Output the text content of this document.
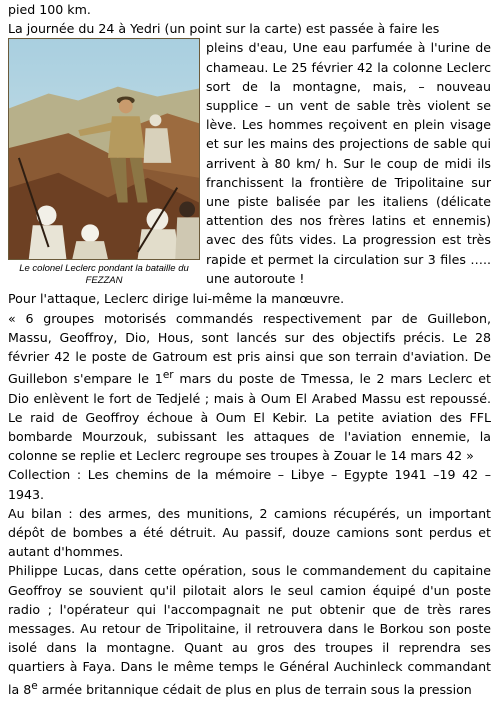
pied 100 km.

La journée du 24 à Yedri (un point sur la carte) est passée à faire les

Le colonel Leclerc pondant la bataille du FEZZAN

pleins d'eau, Une eau parfumée à l'urine de chameau. Le 25 février 42 la colonne Leclerc sort de la montagne, mais, – nouveau supplice – un vent de sable très violent se lève. Les hommes reçoivent en plein visage et sur les mains des projections de sable qui arrivent à 80 km/ h. Sur le coup de midi ils franchissent la frontière de Tripolitaine sur une piste balisée par les italiens (délicate attention des nos frères latins et ennemis) avec des fûts vides. La progression est très rapide et permet la circulation sur 3 files ….. une autoroute !

Pour l'attaque, Leclerc dirige lui-même la manœuvre.

« 6 groupes motorisés commandés respectivement par de Guillebon, Massu, Geoffroy, Dio, Hous, sont lancés sur des objectifs précis. Le 28 février 42 le poste de Gatroum est pris ainsi que son terrain d'aviation. De Guillebon s'empare le 1er mars du poste de Tmessa, le 2 mars Leclerc et Dio enlèvent le fort de Tedjelé ; mais à Oum El Arabed Massu est repoussé. Le raid de Geoffroy échoue à Oum El Kebir. La petite aviation des FFL bombarde Mourzouk, subissant les attaques de l'aviation ennemie, la colonne se replie et Leclerc regroupe ses troupes à Zouar le 14 mars 42 »

Collection : Les chemins de la mémoire – Libye – Egypte 1941 –19 42 – 1943.

Au bilan : des armes, des munitions, 2 camions récupérés, un important dépôt de bombes a été détruit. Au passif, douze camions sont perdus et autant d'hommes.

Philippe Lucas, dans cette opération, sous le commandement du capitaine Geoffroy se souvient qu'il pilotait alors le seul camion équipé d'un poste radio ; l'opérateur qui l'accompagnait ne put obtenir que de très rares messages. Au retour de Tripolitaine, il retrouvera dans le Borkou son poste isolé dans la montagne. Quant au gros des troupes il reprendra ses quartiers à Faya. Dans le même temps le Général Auchinleck commandant la 8e armée britannique cédait de plus en plus de terrain sous la pression
